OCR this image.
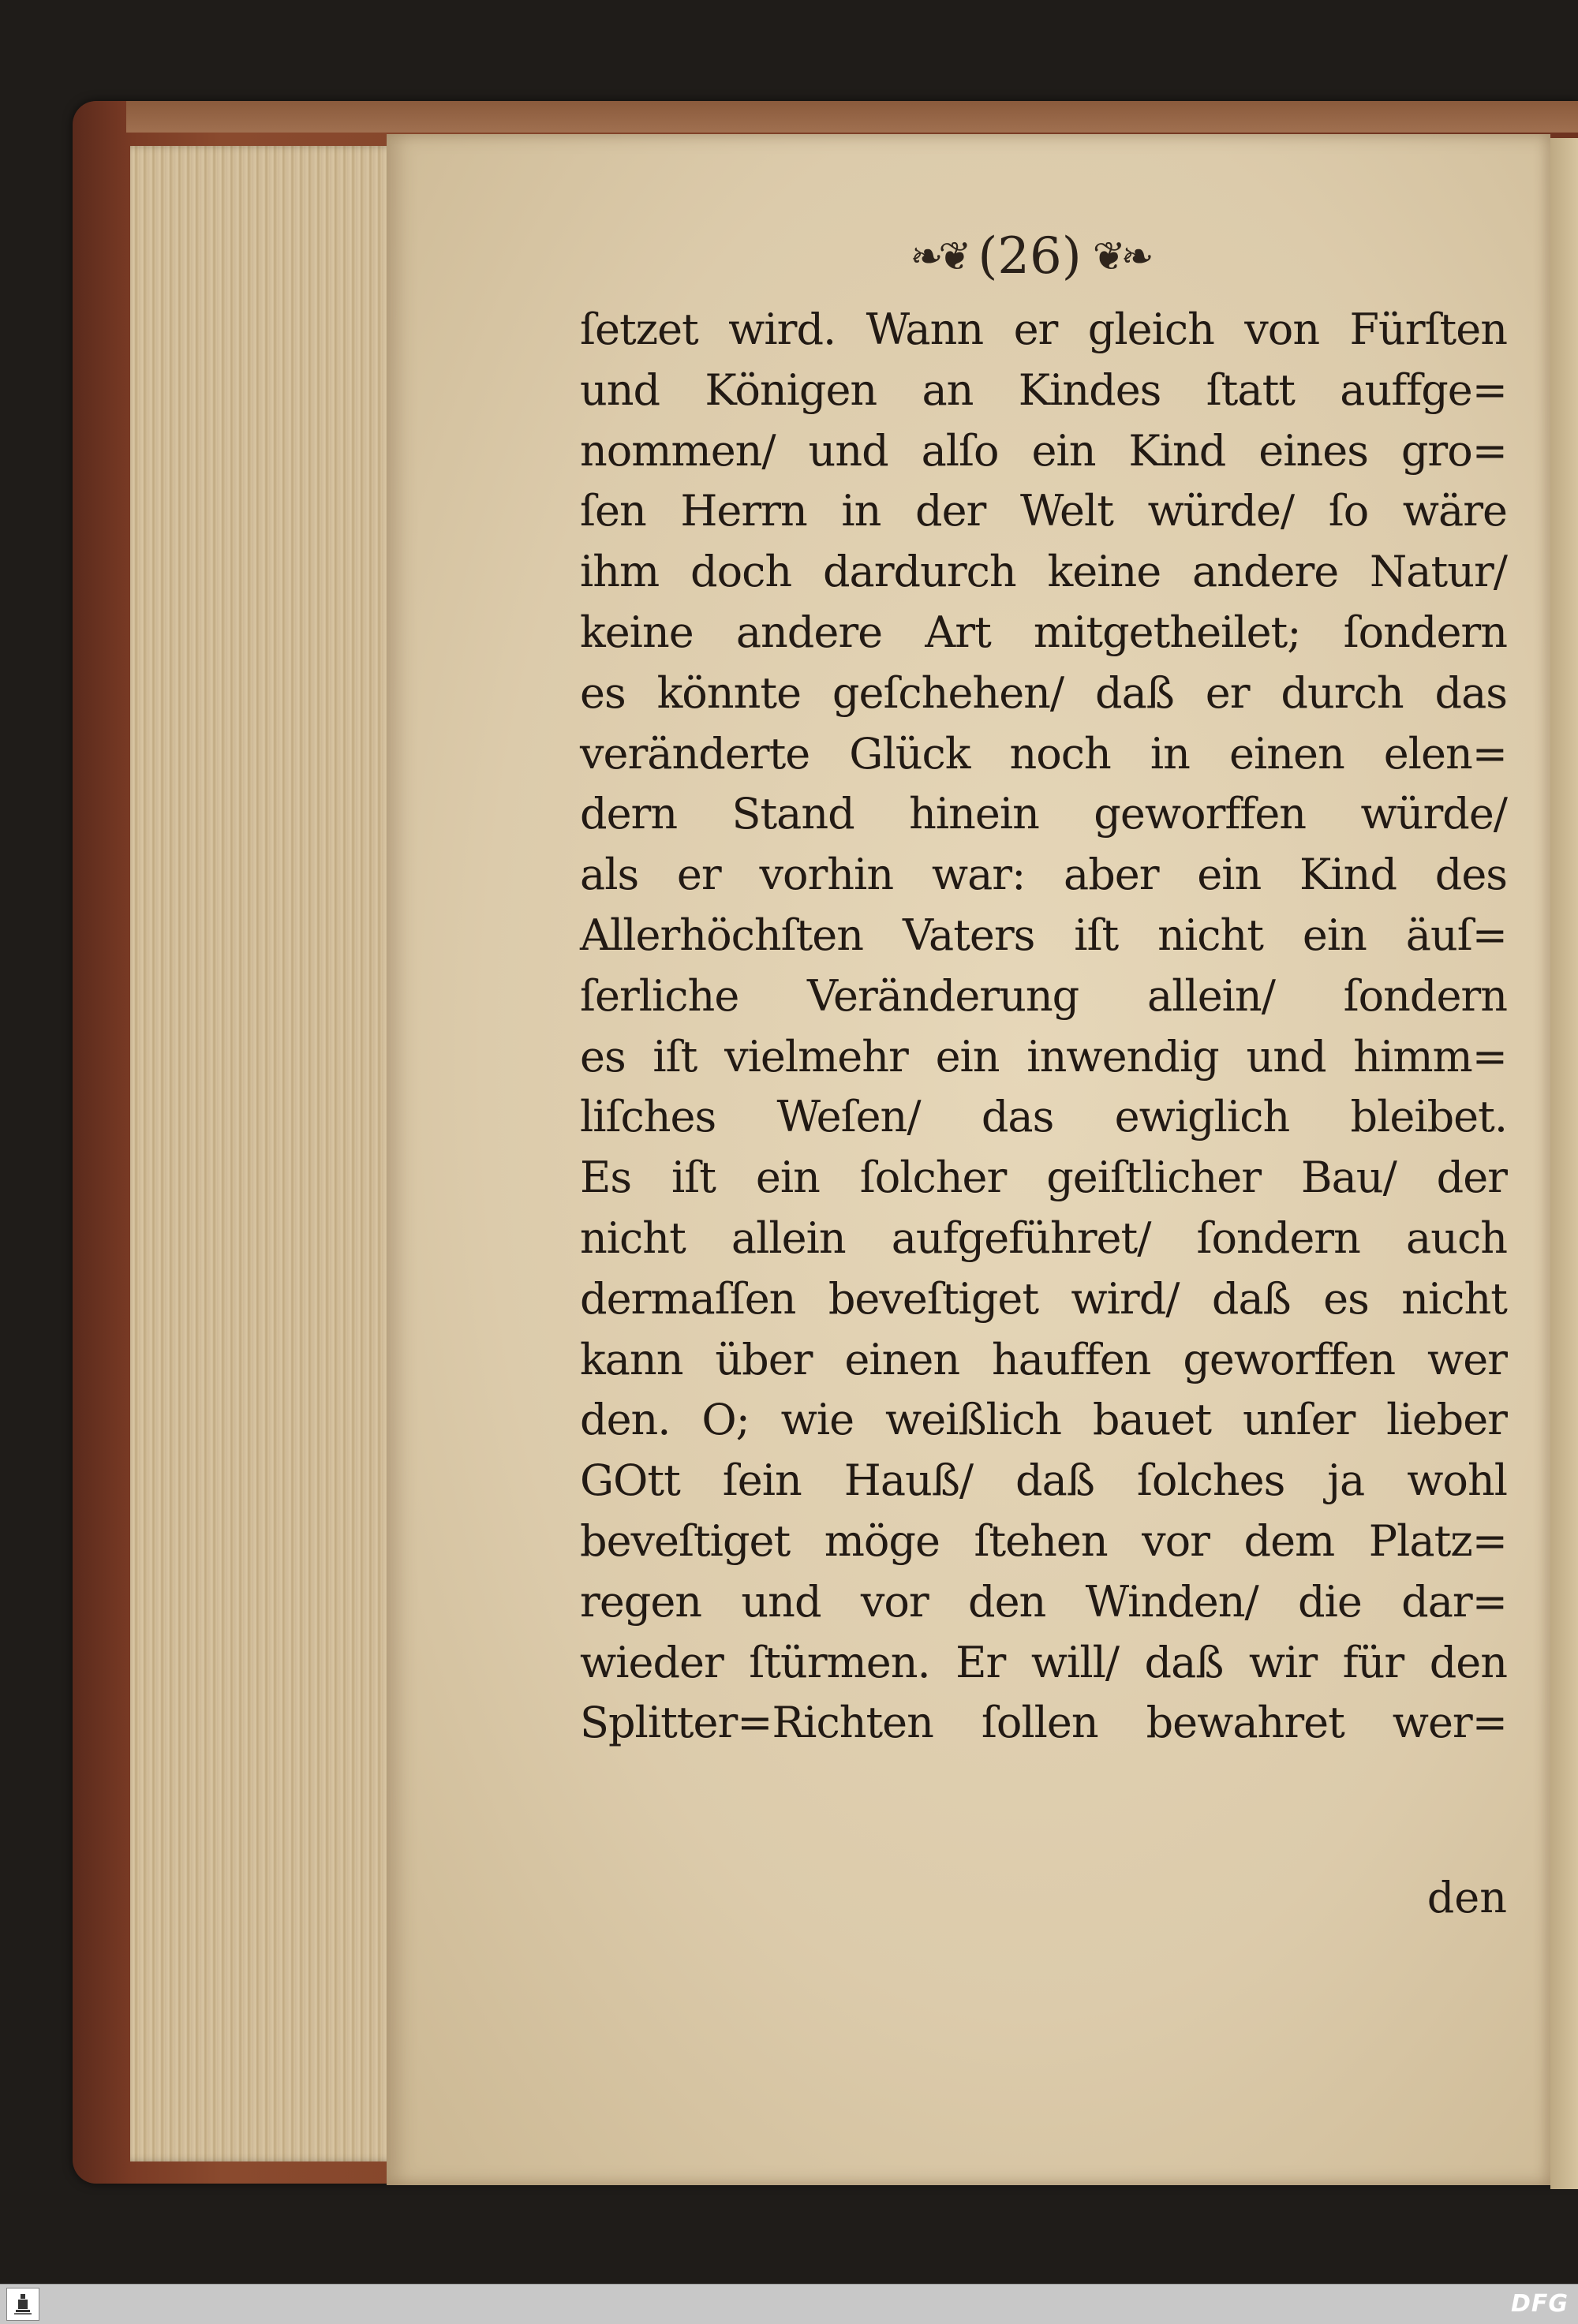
❧❦ (26) ❦❧
ſetzet wird. Wann er gleich von Fürſten
und Königen an Kindes ſtatt auffge=
nommen/ und alſo ein Kind eines gro=
ſen Herrn in der Welt würde/ ſo wäre
ihm doch dardurch keine andere Natur/
keine andere Art mitgetheilet; ſondern
es könnte geſchehen/ daß er durch das
veränderte Glück noch in einen elen=
dern Stand hinein geworffen würde/
als er vorhin war: aber ein Kind des
Allerhöchſten Vaters iſt nicht ein äuſ=
ſerliche Veränderung allein/ ſondern
es iſt vielmehr ein inwendig und himm=
liſches Weſen/ das ewiglich bleibet.
Es iſt ein ſolcher geiſtlicher Bau/ der
nicht allein aufgeführet/ ſondern auch
dermaſſen beveſtiget wird/ daß es nicht
kann über einen hauffen geworffen wer
den. O; wie weißlich bauet unſer lieber
GOtt ſein Hauß/ daß ſolches ja wohl
beveſtiget möge ſtehen vor dem Platz=
regen und vor den Winden/ die dar=
wieder ſtürmen. Er will/ daß wir für den
Splitter=Richten ſollen bewahret wer=
den
DFG
